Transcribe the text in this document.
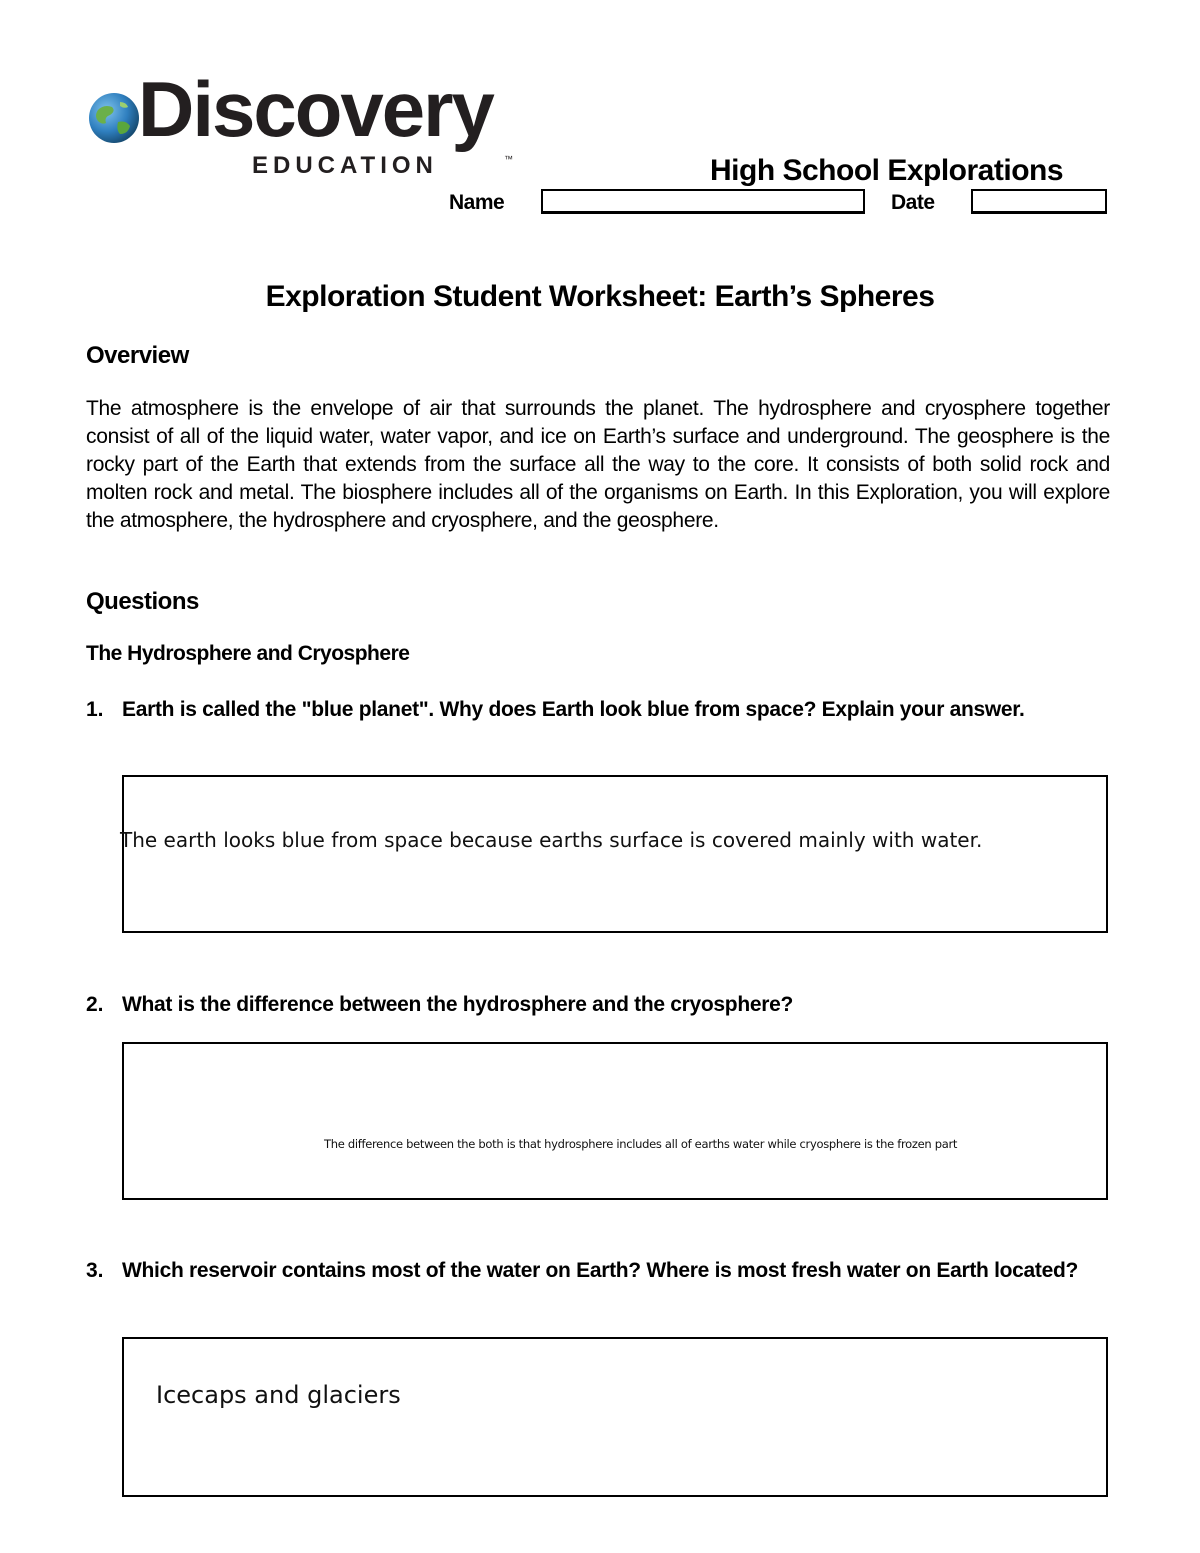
Discovery
EDUCATION	™	High School Explorations
Name	Date
Exploration Student Worksheet: Earth’s Spheres
Overview
The atmosphere is the envelope of air that surrounds the planet. The hydrosphere and cryosphere together consist of all of the liquid water, water vapor, and ice on Earth’s surface and underground. The geosphere is the rocky part of the Earth that extends from the surface all the way to the core. It consists of both solid rock and molten rock and metal. The biosphere includes all of the organisms on Earth. In this Exploration, you will explore the atmosphere, the hydrosphere and cryosphere, and the geosphere.
Questions
The Hydrosphere and Cryosphere
1. Earth is called the "blue planet". Why does Earth look blue from space? Explain your answer.
The earth looks blue from space because earths surface is covered mainly with water.
2. What is the difference between the hydrosphere and the cryosphere?
The difference between the both is that hydrosphere includes all of earths water while cryosphere is the frozen part
3. Which reservoir contains most of the water on Earth? Where is most fresh water on Earth located?
Icecaps and glaciers
